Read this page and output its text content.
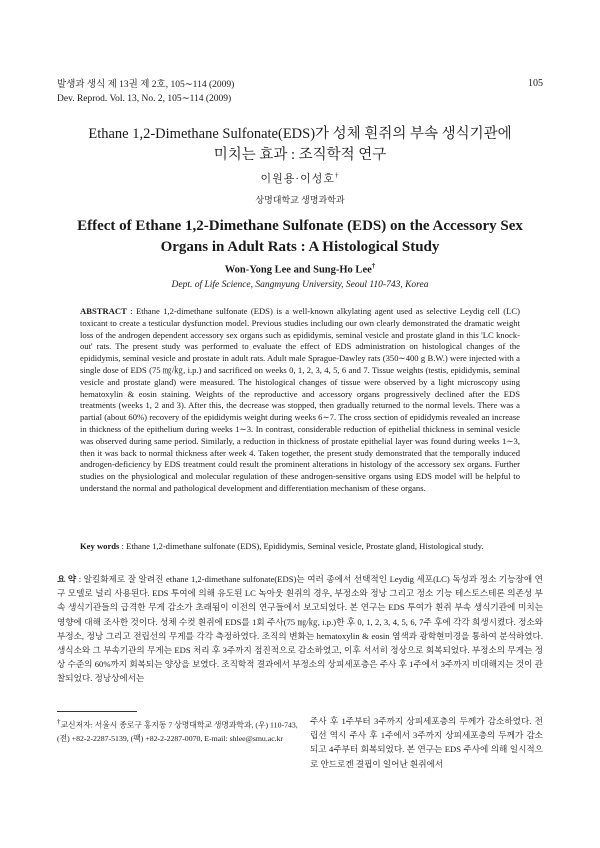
발생과 생식 제 13권 제 2호, 105∼114 (2009)
Dev. Reprod. Vol. 13, No. 2, 105∼114 (2009)
105
Ethane 1,2-Dimethane Sulfonate(EDS)가 성체 흰쥐의 부속 생식기관에
미치는 효과 : 조직학적 연구
이원용·이성호†
상명대학교 생명과학과
Effect of Ethane 1,2-Dimethane Sulfonate (EDS) on the Accessory Sex
Organs in Adult Rats : A Histological Study
Won-Yong Lee and Sung-Ho Lee†
Dept. of Life Science, Sangmyung University, Seoul 110-743, Korea

ABSTRACT : Ethane 1,2-dimethane sulfonate (EDS) is a well-known alkylating agent used as selective Leydig cell (LC) toxicant to create a testicular dysfunction model. Previous studies including our own clearly demonstrated the dramatic weight loss of the androgen dependent accessory sex organs such as epididymis, seminal vesicle and prostate gland in this 'LC knock-out' rats. The present study was performed to evaluate the effect of EDS administration on histological changes of the epididymis, seminal vesicle and prostate in adult rats. Adult male Sprague-Dawley rats (350∼400 g B.W.) were injected with a single dose of EDS (75 ㎎/㎏, i.p.) and sacrificed on weeks 0, 1, 2, 3, 4, 5, 6 and 7. Tissue weights (testis, epididymis, seminal vesicle and prostate gland) were measured. The histological changes of tissue were observed by a light microscopy using hematoxylin & eosin staining. Weights of the reproductive and accessory organs progressively declined after the EDS treatments (weeks 1, 2 and 3). After this, the decrease was stopped, then gradually returned to the normal levels. There was a partial (about 60%) recovery of the epididymis weight during weeks 6∼7. The cross section of epididymis revealed an increase in thickness of the epithelium during weeks 1∼3. In contrast, considerable reduction of epithelial thickness in seminal vesicle was observed during same period. Similarly, a reduction in thickness of prostate epithelial layer was found during weeks 1∼3, then it was back to normal thickness after week 4. Taken together, the present study demonstrated that the temporally induced androgen-deficiency by EDS treatment could result the prominent alterations in histology of the accessory sex organs. Further studies on the physiological and molecular regulation of these androgen-sensitive organs using EDS model will be helpful to understand the normal and pathological development and differentiation mechanism of these organs.

Key words : Ethane 1,2-dimethane sulfonate (EDS), Epididymis, Seminal vesicle, Prostate gland, Histological study.
요 약 : 알킬화제로 잘 알려진 ethane 1,2-dimethane sulfonate(EDS)는 여러 종에서 선택적인 Leydig 세포(LC) 독성과 정소 기능장애 연구 모델로 널리 사용된다. EDS 투여에 의해 유도된 LC 녹아웃 흰쥐의 경우, 부정소와 정낭 그리고 정소 기능 테스토스테론 의존성 부속 생식기관들의 급격한 무게 감소가 초래됨이 이전의 연구들에서 보고되었다. 본 연구는 EDS 투여가 흰쥐 부속 생식기관에 미치는 영향에 대해 조사한 것이다. 성체 수컷 흰쥐에 EDS를 1회 주사(75 ㎎/㎏, i.p.)한 후 0, 1, 2, 3, 4, 5, 6, 7주 후에 각각 희생시켰다. 정소와 부정소, 정낭 그리고 전립선의 무게를 각각 측정하였다. 조직의 변화는 hematoxylin & eosin 염색과 광학현미경을 통하여 분석하였다. 생식소와 그 부속기관의 무게는 EDS 처리 후 3주까지 점진적으로 감소하였고, 이후 서서히 정상으로 회복되었다. 부정소의 무게는 정상 수준의 60%까지 회복되는 양상을 보였다. 조직학적 결과에서 부정소의 상피세포층은 주사 후 1주에서 3주까지 비대해지는 것이 관찰되었다. 정낭상에서는
†교신저자: 서울시 종로구 홍지동 7 상명대학교 생명과학과, (우) 110-743,
(전) +82-2-2287-5139, (팩) +82-2-2287-0070, E-mail: shlee@smu.ac.kr
주사 후 1주부터 3주까지 상피세포층의 두께가 감소하였다. 전립선 역시 주사 후 1주에서 3주까지 상피세포층의 두께가 감소되고 4주부터 회복되었다. 본 연구는 EDS 주사에 의해 일시적으로 안드로겐 결핍이 일어난 흰쥐에서
